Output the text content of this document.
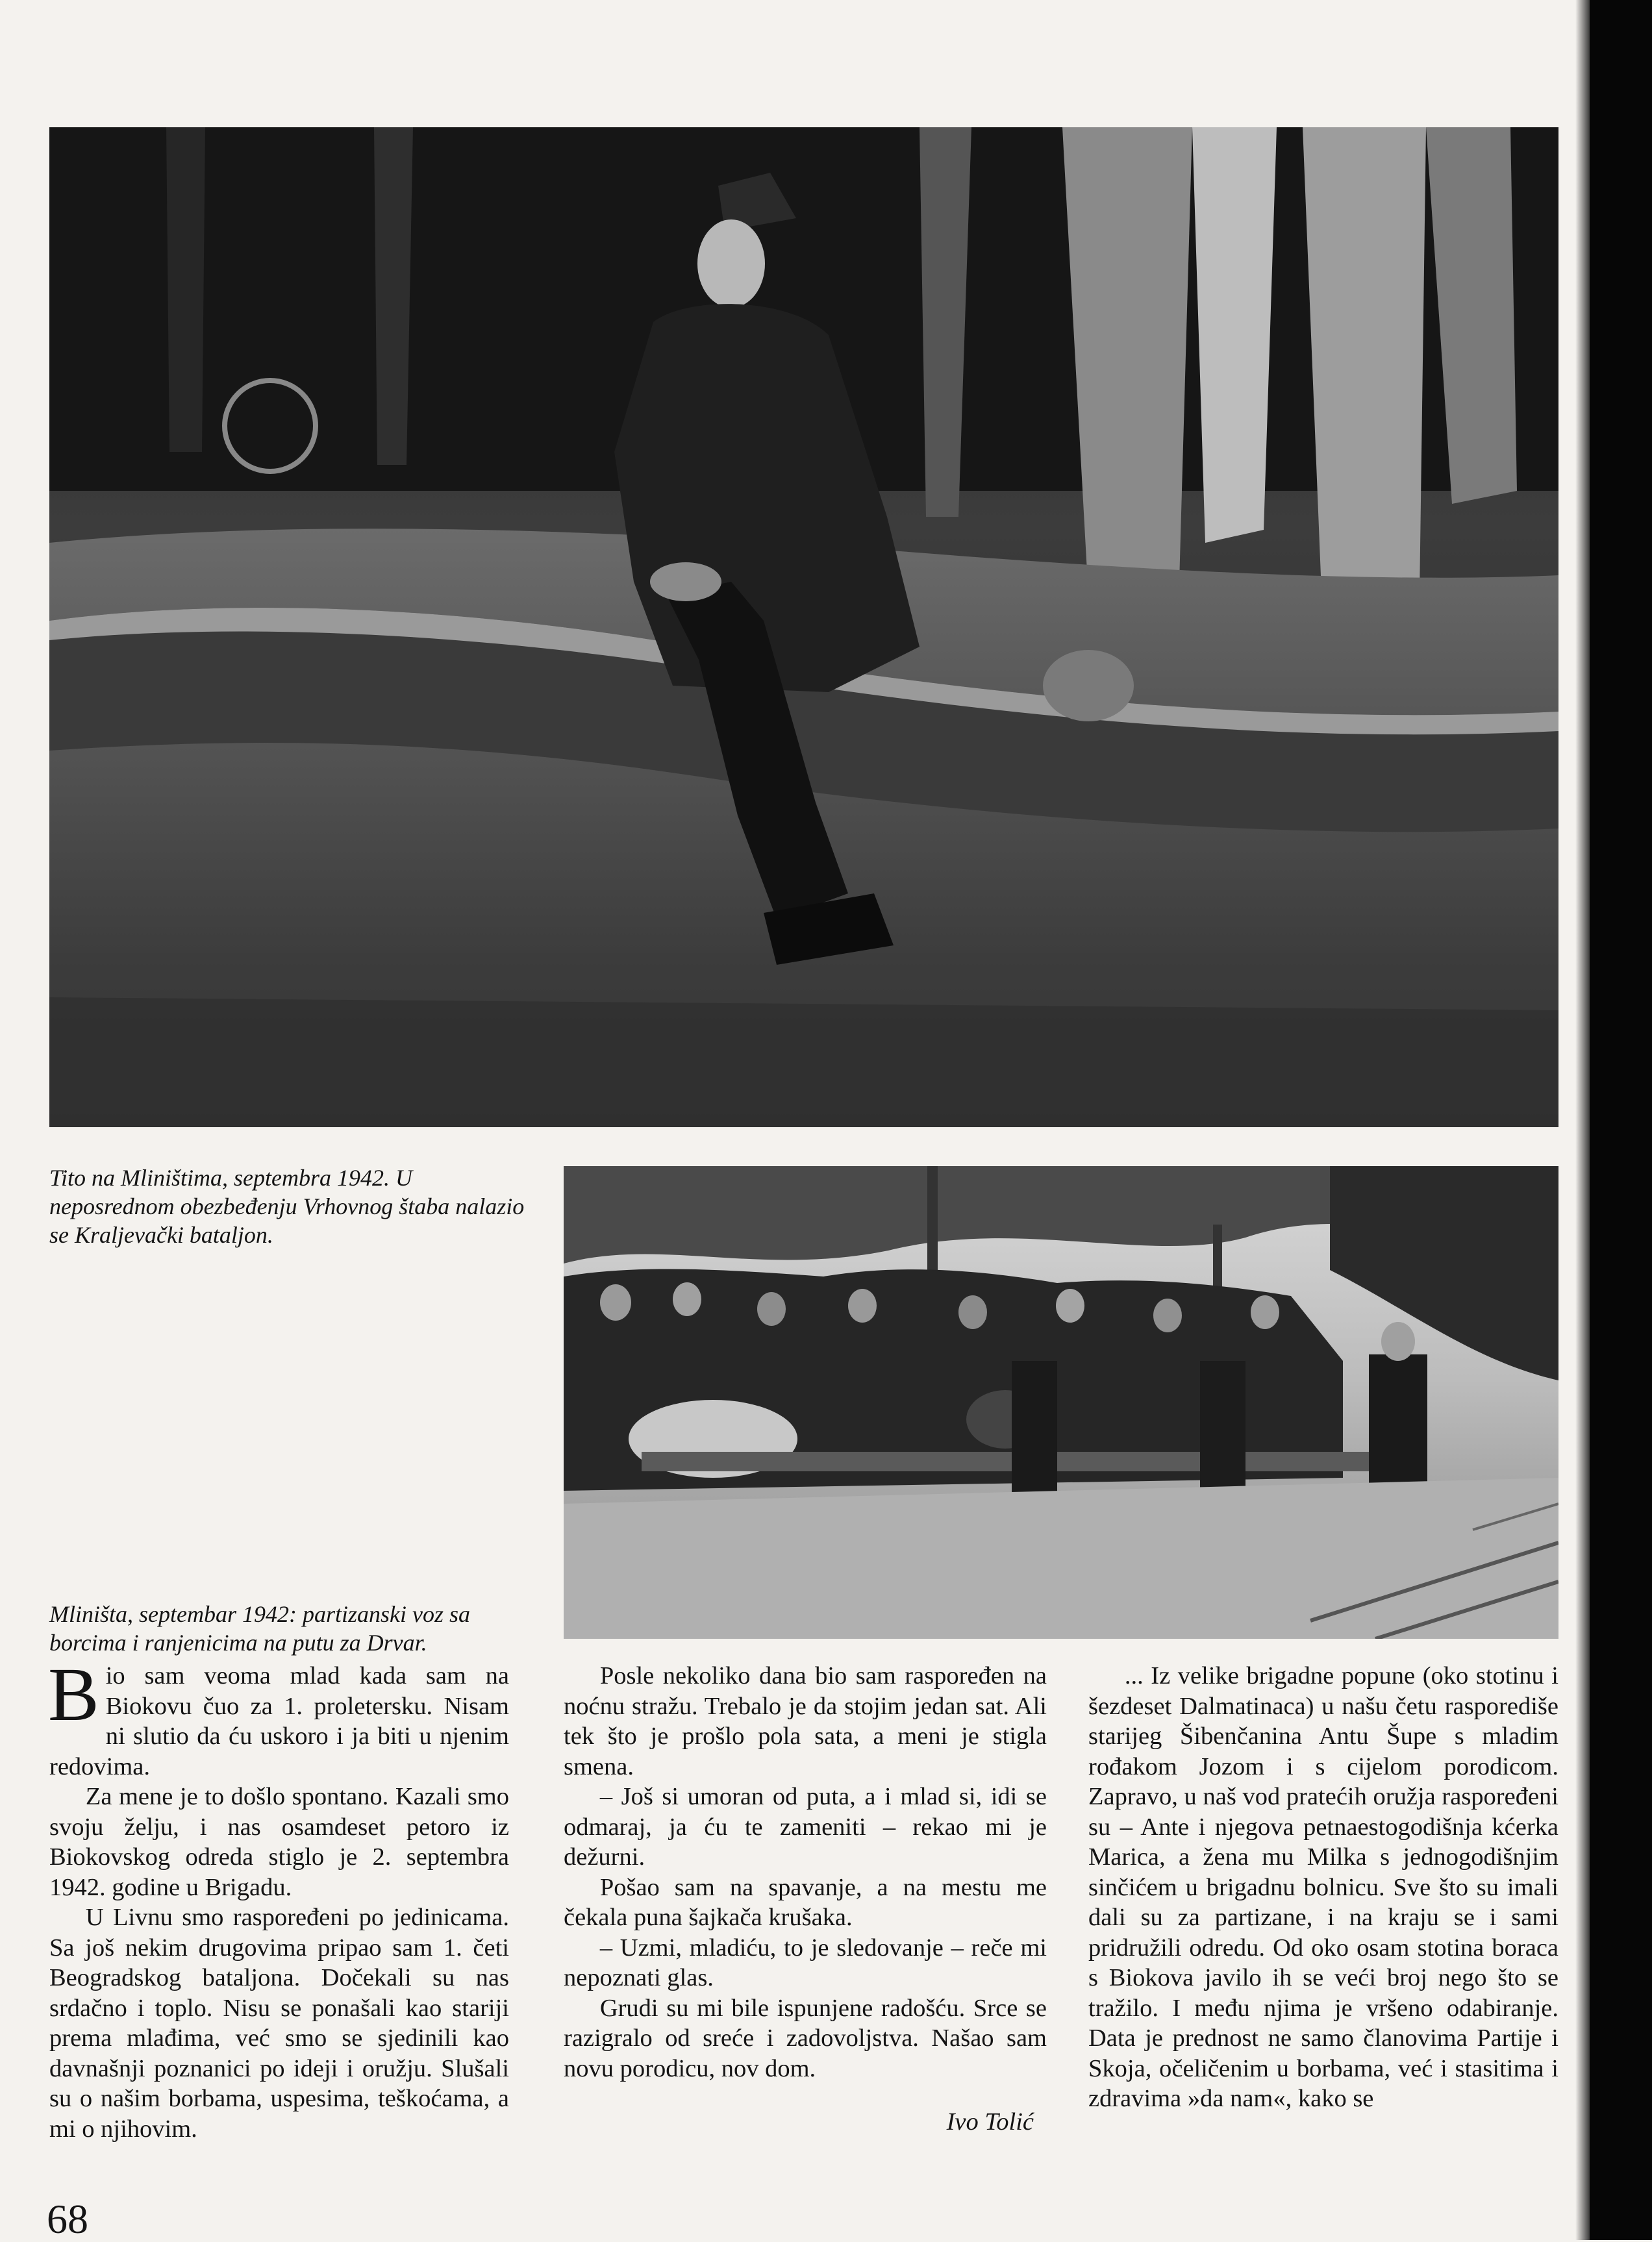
Tito na Mliništima, septembra 1942. U neposrednom obezbeđenju Vrhovnog štaba nalazio se Kraljevački bataljon.

Mliništa, septembar 1942: partizanski voz sa borcima i ranjenicima na putu za Drvar.

Bio sam veoma mlad kada sam na Biokovu čuo za 1. proletersku. Nisam ni slutio da ću uskoro i ja biti u njenim redovima.

Za mene je to došlo spontano. Kazali smo svoju želju, i nas osamdeset petoro iz Biokovskog odreda stiglo je 2. septembra 1942. godine u Brigadu.

U Livnu smo raspoređeni po jedinicama. Sa još nekim drugovima pripao sam 1. četi Beogradskog bataljona. Dočekali su nas srdačno i toplo. Nisu se ponašali kao stariji prema mlađima, već smo se sjedinili kao davnašnji poznanici po ideji i oružju. Slušali su o našim borbama, uspesima, teškoćama, a mi o njihovim.

Posle nekoliko dana bio sam raspoređen na noćnu stražu. Trebalo je da stojim jedan sat. Ali tek što je prošlo pola sata, a meni je stigla smena.

– Još si umoran od puta, a i mlad si, idi se odmaraj, ja ću te zameniti – rekao mi je dežurni.

Pošao sam na spavanje, a na mestu me čekala puna šajkača krušaka.

– Uzmi, mladiću, to je sledovanje – reče mi nepoznati glas.

Grudi su mi bile ispunjene radošću. Srce se razigralo od sreće i zadovoljstva. Našao sam novu porodicu, nov dom.

Ivo Tolić

... Iz velike brigadne popune (oko stotinu i šezdeset Dalmatinaca) u našu četu rasporediše starijeg Šibenčanina Antu Šupe s mladim rođakom Jozom i s cijelom porodicom. Zapravo, u naš vod pratećih oružja raspoređeni su – Ante i njegova petnaestogodišnja kćerka Marica, a žena mu Milka s jednogodišnjim sinčićem u brigadnu bolnicu. Sve što su imali dali su za partizane, i na kraju se i sami pridružili odredu. Od oko osam stotina boraca s Biokova javilo ih se veći broj nego što se tražilo. I među njima je vršeno odabiranje. Data je prednost ne samo članovima Partije i Skoja, očeličenim u borbama, već i stasitima i zdravima »da nam«, kako se

68
